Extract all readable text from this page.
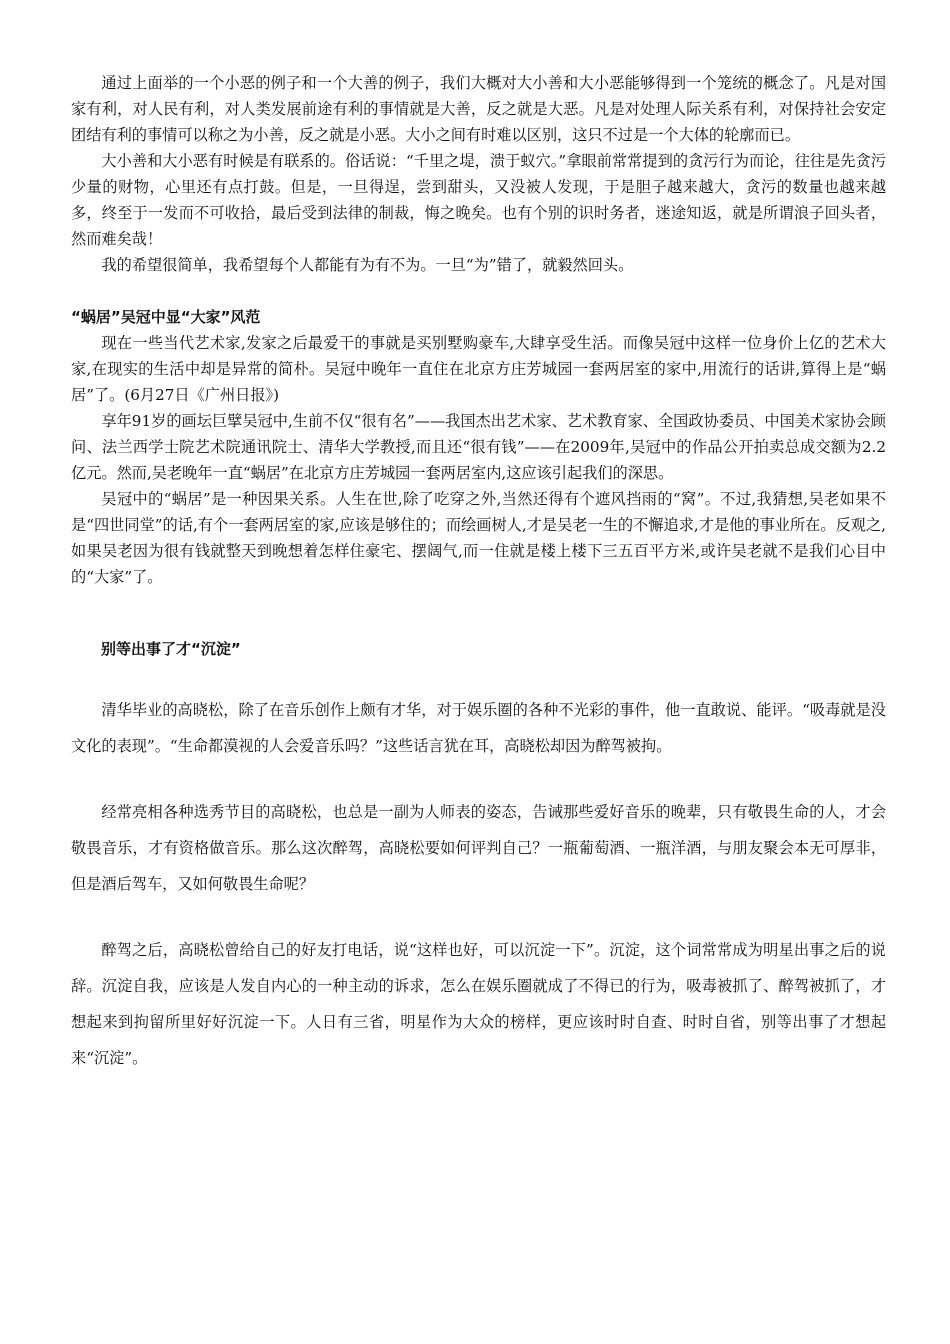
通过上面举的一个小恶的例子和一个大善的例子，我们大概对大小善和大小恶能够得到一个笼统的概念了。凡是对国家有利，对人民有利，对人类发展前途有利的事情就是大善，反之就是大恶。凡是对处理人际关系有利，对保持社会安定团结有利的事情可以称之为小善，反之就是小恶。大小之间有时难以区别，这只不过是一个大体的轮廓而已。

大小善和大小恶有时候是有联系的。俗话说：“千里之堤，溃于蚁穴。”拿眼前常常提到的贪污行为而论，往往是先贪污少量的财物，心里还有点打鼓。但是，一旦得逞，尝到甜头，又没被人发现，于是胆子越来越大，贪污的数量也越来越多，终至于一发而不可收拾，最后受到法律的制裁，悔之晚矣。也有个别的识时务者，迷途知返，就是所谓浪子回头者，然而难矣哉！

我的希望很简单，我希望每个人都能有为有不为。一旦“为”错了，就毅然回头。

“蜗居”吴冠中显“大家”风范

现在一些当代艺术家,发家之后最爱干的事就是买别墅购豪车,大肆享受生活。而像吴冠中这样一位身价上亿的艺术大家,在现实的生活中却是异常的简朴。吴冠中晚年一直住在北京方庄芳城园一套两居室的家中,用流行的话讲,算得上是“蜗居”了。(6月27日《广州日报》)

享年91岁的画坛巨擘吴冠中,生前不仅“很有名”——我国杰出艺术家、艺术教育家、全国政协委员、中国美术家协会顾问、法兰西学士院艺术院通讯院士、清华大学教授,而且还“很有钱”——在2009年,吴冠中的作品公开拍卖总成交额为2.2亿元。然而,吴老晚年一直“蜗居”在北京方庄芳城园一套两居室内,这应该引起我们的深思。

吴冠中的“蜗居”是一种因果关系。人生在世,除了吃穿之外,当然还得有个遮风挡雨的“窝”。不过,我猜想,吴老如果不是“四世同堂”的话,有个一套两居室的家,应该是够住的；而绘画树人,才是吴老一生的不懈追求,才是他的事业所在。反观之,如果吴老因为很有钱就整天到晚想着怎样住豪宅、摆阔气,而一住就是楼上楼下三五百平方米,或许吴老就不是我们心目中的“大家”了。

别等出事了才“沉淀”

清华毕业的高晓松，除了在音乐创作上颇有才华，对于娱乐圈的各种不光彩的事件，他一直敢说、能评。“吸毒就是没文化的表现”。“生命都漠视的人会爱音乐吗？”这些话言犹在耳，高晓松却因为醉驾被拘。

经常亮相各种选秀节目的高晓松，也总是一副为人师表的姿态，告诫那些爱好音乐的晚辈，只有敬畏生命的人，才会敬畏音乐，才有资格做音乐。那么这次醉驾，高晓松要如何评判自己？一瓶葡萄酒、一瓶洋酒，与朋友聚会本无可厚非，但是酒后驾车，又如何敬畏生命呢？

醉驾之后，高晓松曾给自己的好友打电话，说“这样也好，可以沉淀一下”。沉淀，这个词常常成为明星出事之后的说辞。沉淀自我，应该是人发自内心的一种主动的诉求，怎么在娱乐圈就成了不得已的行为，吸毒被抓了、醉驾被抓了，才想起来到拘留所里好好沉淀一下。人日有三省，明星作为大众的榜样，更应该时时自查、时时自省，别等出事了才想起来“沉淀”。
